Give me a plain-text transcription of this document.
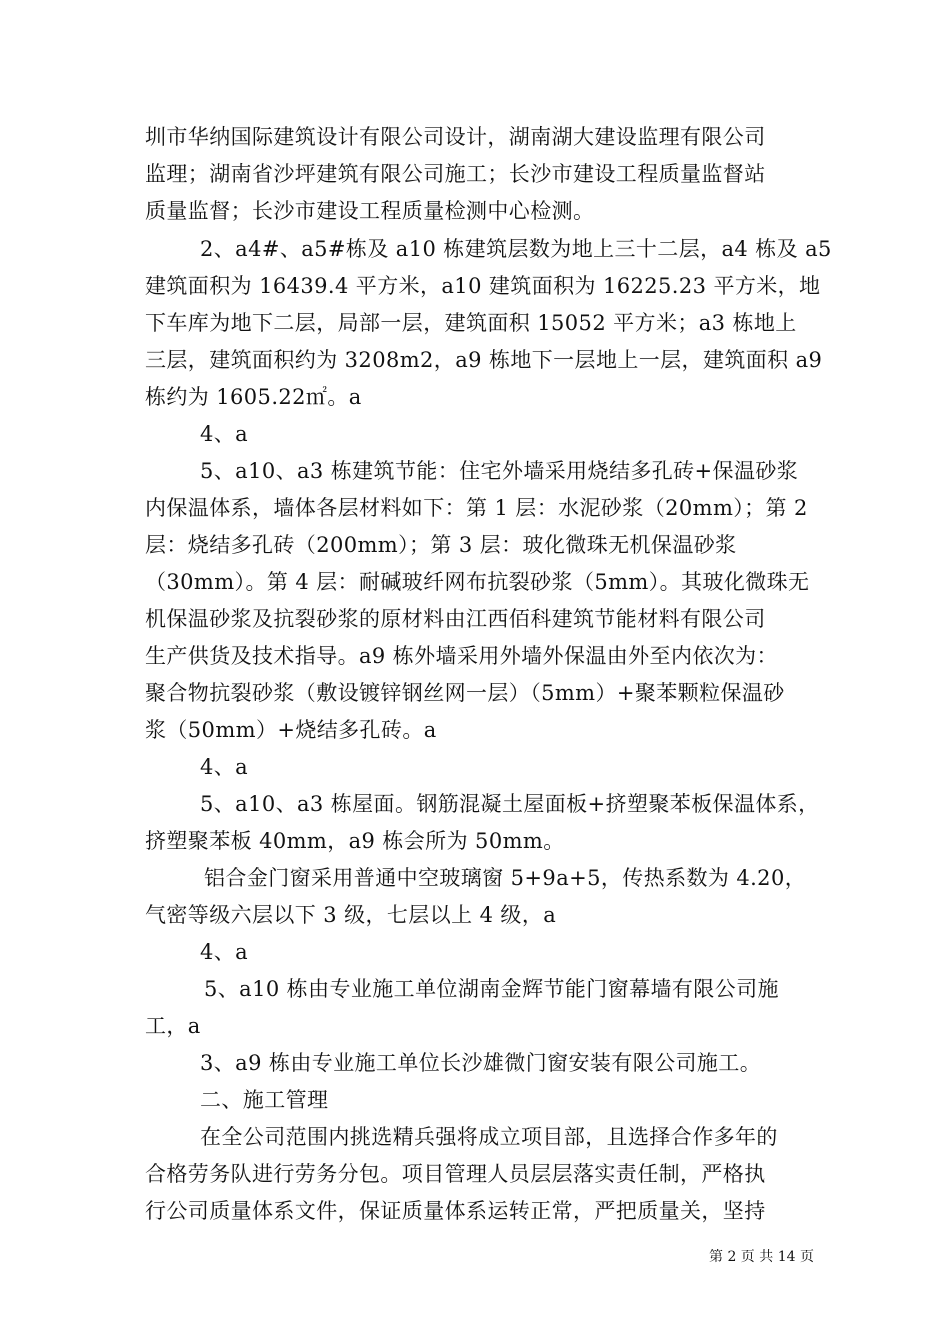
圳市华纳国际建筑设计有限公司设计，湖南湖大建设监理有限公司
监理；湖南省沙坪建筑有限公司施工；长沙市建设工程质量监督站
质量监督；长沙市建设工程质量检测中心检测。
2、a4#、a5#栋及 a10 栋建筑层数为地上三十二层，a4 栋及 a5
建筑面积为 16439.4 平方米，a10 建筑面积为 16225.23 平方米，地
下车库为地下二层，局部一层，建筑面积 15052 平方米；a3 栋地上
三层，建筑面积约为 3208m2，a9 栋地下一层地上一层，建筑面积 a9
栋约为 1605.22㎡。a
4、a
5、a10、a3 栋建筑节能：住宅外墙采用烧结多孔砖+保温砂浆
内保温体系，墙体各层材料如下：第 1 层：水泥砂浆（20mm）；第 2
层：烧结多孔砖（200mm）；第 3 层：玻化微珠无机保温砂浆
（30mm）。第 4 层：耐碱玻纤网布抗裂砂浆（5mm）。其玻化微珠无
机保温砂浆及抗裂砂浆的原材料由江西佰科建筑节能材料有限公司
生产供货及技术指导。a9 栋外墙采用外墙外保温由外至内依次为：
聚合物抗裂砂浆（敷设镀锌钢丝网一层）（5mm）+聚苯颗粒保温砂
浆（50mm）+烧结多孔砖。a
4、a
5、a10、a3 栋屋面。钢筋混凝土屋面板+挤塑聚苯板保温体系，
挤塑聚苯板 40mm，a9 栋会所为 50mm。
铝合金门窗采用普通中空玻璃窗 5+9a+5，传热系数为 4.20，
气密等级六层以下 3 级，七层以上 4 级，a
4、a
5、a10 栋由专业施工单位湖南金辉节能门窗幕墙有限公司施
工，a
3、a9 栋由专业施工单位长沙雄微门窗安装有限公司施工。
二、施工管理
在全公司范围内挑选精兵强将成立项目部，且选择合作多年的
合格劳务队进行劳务分包。项目管理人员层层落实责任制，严格执
行公司质量体系文件，保证质量体系运转正常，严把质量关，坚持
第 2 页 共 14 页
